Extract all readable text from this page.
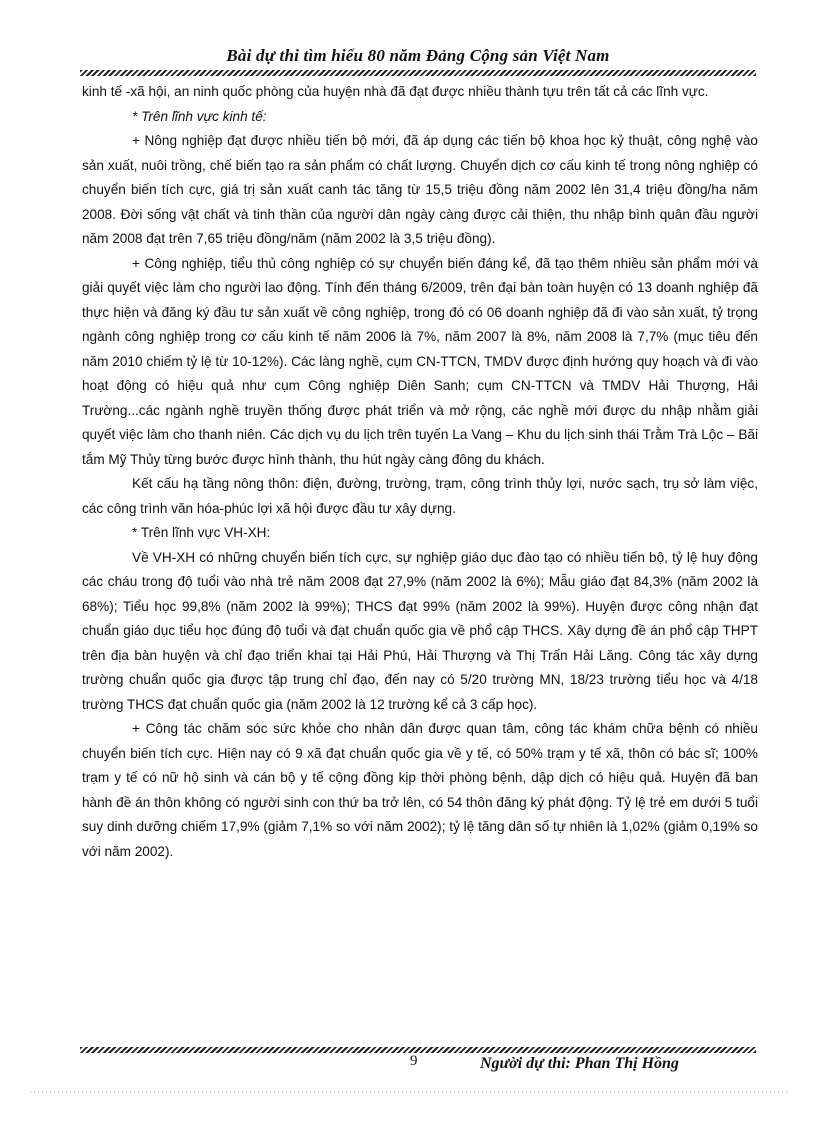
Bài dự thi tìm hiểu 80 năm Đảng Cộng sản Việt Nam

kinh tế -xã hội, an ninh quốc phòng của huyện nhà đã đạt được nhiều thành tựu trên tất cả các lĩnh vực.

* Trên lĩnh vực kinh tế:

+ Nông nghiệp đạt được nhiều tiến bộ mới, đã áp dụng các tiến bộ khoa học kỷ thuật, công nghệ vào sản xuất, nuôi trồng, chế biến tạo ra sản phẩm có chất lượng. Chuyển dịch cơ cấu kinh tế trong nông nghiệp có chuyển biến tích cực, giá trị sản xuất canh tác tăng từ 15,5 triệu đồng năm 2002 lên 31,4 triệu đồng/ha năm 2008. Đời sống vật chất và tinh thần của người dân ngày càng được cải thiện, thu nhập bình quân đầu người năm 2008 đạt trên 7,65 triệu đồng/năm (năm 2002 là 3,5 triệu đồng).

+ Công nghiệp, tiểu thủ công nghiệp có sự chuyển biến đáng kể, đã tạo thêm nhiều sản phẩm mới và giải quyết việc làm cho người lao động. Tính đến tháng 6/2009, trên đại bàn toàn huyện có 13 doanh nghiệp đã thực hiện và đăng ký đầu tư sản xuất về công nghiệp, trong đó có 06 doanh nghiệp đã đi vào sản xuất, tỷ trọng ngành công nghiệp trong cơ cấu kinh tế năm 2006 là 7%, năm 2007 là 8%, năm 2008 là 7,7% (mục tiêu đến năm 2010 chiếm tỷ lệ từ 10-12%). Các làng nghề, cụm CN-TTCN, TMDV được định hướng quy hoạch và đi vào hoạt động có hiệu quả như cụm Công nghiệp Diên Sanh; cụm CN-TTCN và TMDV Hải Thượng, Hải Trường...các ngành nghề truyền thống được phát triển và mở rộng, các nghề mới được du nhập nhằm giải quyết việc làm cho thanh niên. Các dịch vụ du lịch trên tuyến La Vang – Khu du lịch sinh thái Trằm Trà Lộc – Bãi tắm Mỹ Thủy từng bước được hình thành, thu hút ngày càng đông du khách.

Kết cấu hạ tầng nông thôn: điện, đường, trường, trạm, công trình thủy lợi, nước sạch, trụ sở làm việc, các công trình văn hóa-phúc lợi xã hội được đầu tư xây dựng.

* Trên lĩnh vực VH-XH:

Về VH-XH có những chuyển biến tích cực, sự nghiệp giáo dục đào tạo có nhiều tiến bộ, tỷ lệ huy động các cháu trong độ tuổi vào nhà trẻ năm 2008 đạt 27,9% (năm 2002 là 6%); Mẫu giáo đạt 84,3% (năm 2002 là 68%); Tiểu học 99,8% (năm 2002 là 99%); THCS đạt 99% (năm 2002 là 99%). Huyện được công nhận đạt chuẩn giáo dục tiểu học đúng độ tuổi và đạt chuẩn quốc gia về phổ cập THCS. Xây dựng đề án phổ cập THPT trên địa bàn huyện và chỉ đạo triển khai tại Hải Phú, Hải Thượng và Thị Trấn Hải Lăng. Công tác xây dựng trường chuẩn quốc gia được tập trung chỉ đạo, đến nay có 5/20 trường MN, 18/23 trường tiểu học và 4/18 trường THCS đạt chuẩn quốc gia (năm 2002 là 12 trường kể cả 3 cấp học).

+ Công tác chăm sóc sức khỏe cho nhân dân được quan tâm, công tác khám chữa bệnh có nhiều chuyển biến tích cực. Hiện nay có 9 xã đạt chuẩn quốc gia về y tế, có 50% trạm y tế xã, thôn có bác sĩ; 100% trạm y tế có nữ hộ sinh và cán bộ y tế cộng đồng kịp thời phòng bệnh, dập dịch có hiệu quả. Huyện đã ban hành đề án thôn không có người sinh con thứ ba trở lên, có 54 thôn đăng ký phát động. Tỷ lệ trẻ em dưới 5 tuổi suy dinh dưỡng chiếm 17,9% (giảm 7,1% so với năm 2002); tỷ lệ tăng dân số tự nhiên là 1,02% (giảm 0,19% so với năm 2002).

9	Người dự thi: Phan Thị Hồng
